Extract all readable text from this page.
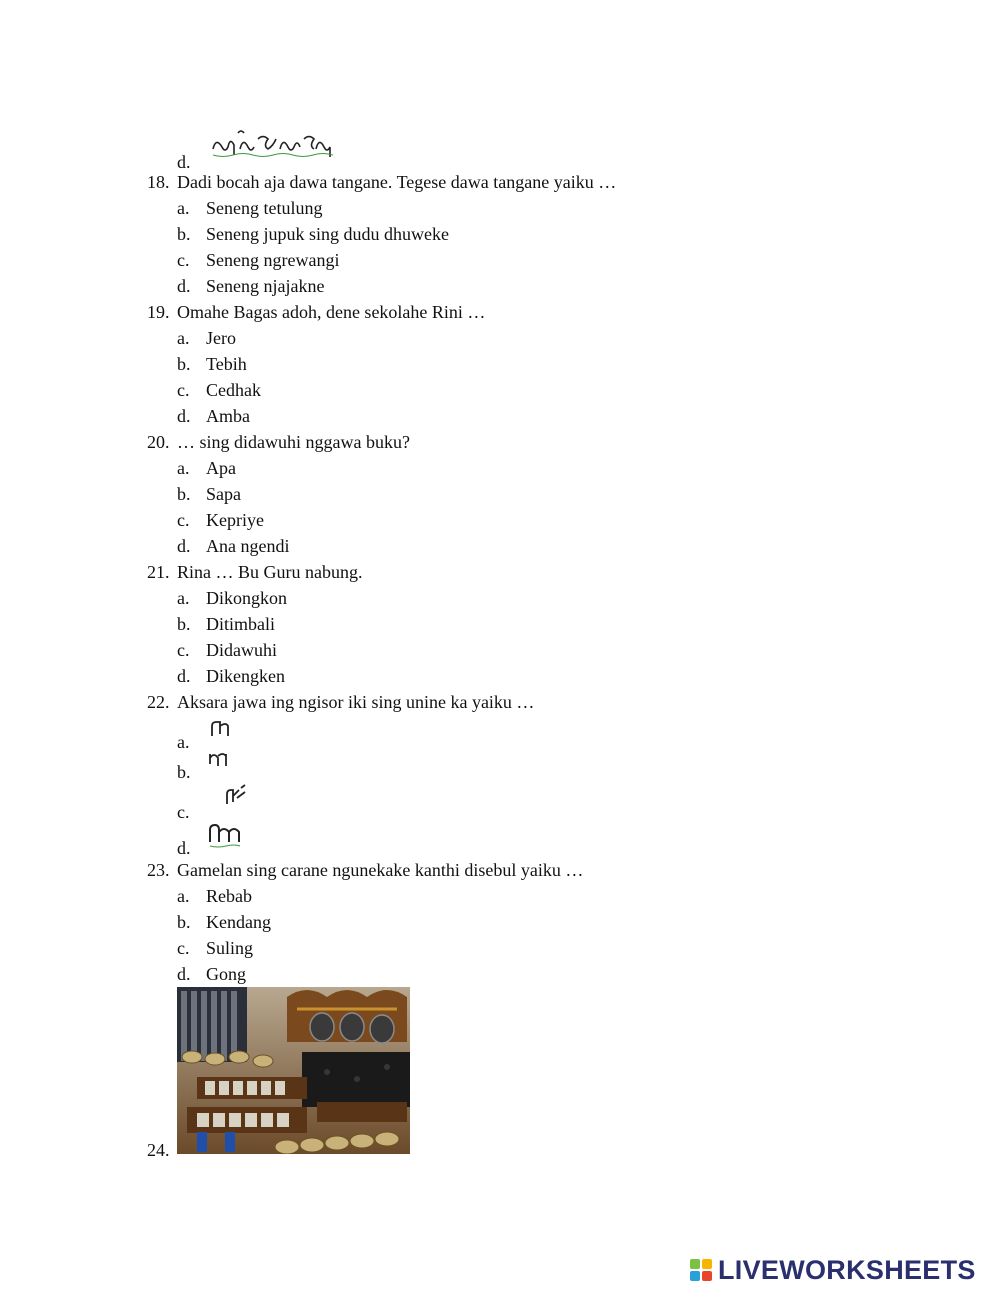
d.
18. Dadi bocah aja dawa tangane. Tegese dawa tangane yaiku …
a. Seneng tetulung
b. Seneng jupuk sing dudu dhuweke
c. Seneng ngrewangi
d. Seneng njajakne
19. Omahe Bagas adoh, dene sekolahe Rini …
a. Jero
b. Tebih
c. Cedhak
d. Amba
20. … sing didawuhi nggawa buku?
a. Apa
b. Sapa
c. Kepriye
d. Ana ngendi
21. Rina … Bu Guru nabung.
a. Dikongkon
b. Ditimbali
c. Didawuhi
d. Dikengken
22. Aksara jawa ing ngisor iki sing unine ka yaiku …
a.
b.
c.
d.
23. Gamelan sing carane ngunekake kanthi disebul yaiku …
a. Rebab
b. Kendang
c. Suling
d. Gong
24.
LIVEWORKSHEETS
